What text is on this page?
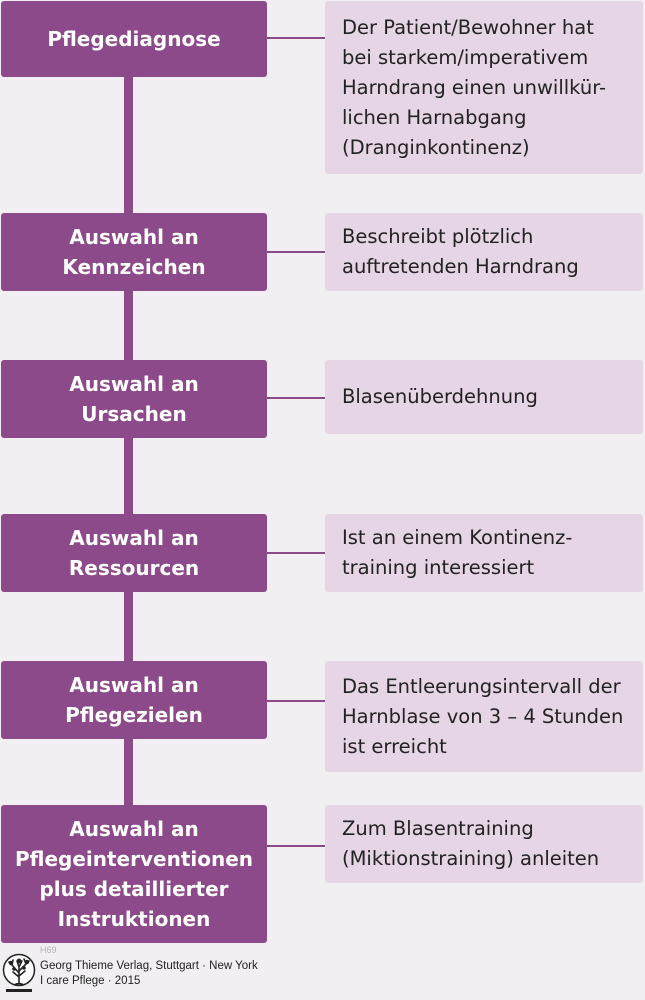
Pflegediagnose	Der Patient/Bewohner hat
bei starkem/imperativem
Harndrang einen unwillkür-
lichen Harnabgang
(Dranginkontinenz)
Auswahl an
Kennzeichen
Beschreibt plötzlich
auftretenden Harndrang
Auswahl an
Ursachen
Blasenüberdehnung
Auswahl an
Ressourcen
Ist an einem Kontinenz-
training interessiert
Auswahl an
Pflegezielen
Das Entleerungsintervall der
Harnblase von 3 – 4 Stunden
ist erreicht
Auswahl an
Pflegeinterventionen
plus detaillierter
Instruktionen
Zum Blasentraining
(Miktionstraining) anleiten
H69
Georg Thieme Verlag, Stuttgart · New York
I care Pflege · 2015
